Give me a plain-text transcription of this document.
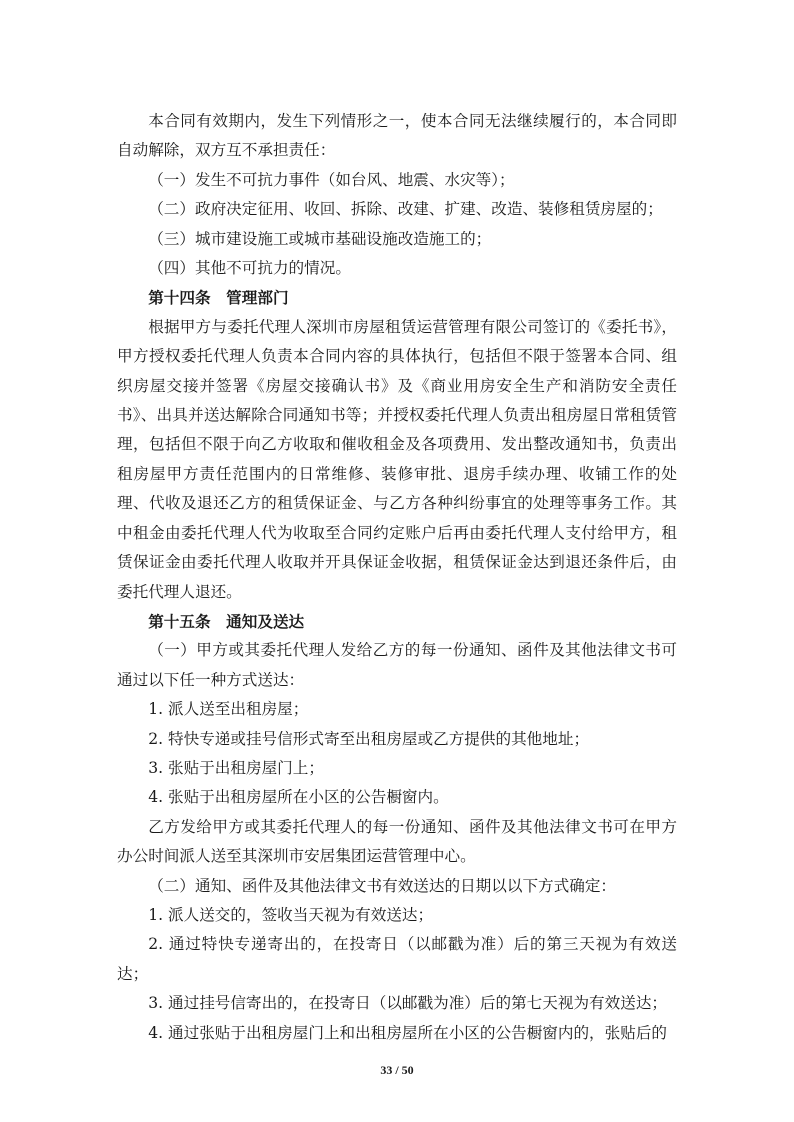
本合同有效期内，发生下列情形之一，使本合同无法继续履行的，本合同即自动解除，双方互不承担责任：

（一）发生不可抗力事件（如台风、地震、水灾等）；

（二）政府决定征用、收回、拆除、改建、扩建、改造、装修租赁房屋的；

（三）城市建设施工或城市基础设施改造施工的；

（四）其他不可抗力的情况。

第十四条　管理部门

根据甲方与委托代理人深圳市房屋租赁运营管理有限公司签订的《委托书》，甲方授权委托代理人负责本合同内容的具体执行，包括但不限于签署本合同、组织房屋交接并签署《房屋交接确认书》及《商业用房安全生产和消防安全责任书》、出具并送达解除合同通知书等；并授权委托代理人负责出租房屋日常租赁管理，包括但不限于向乙方收取和催收租金及各项费用、发出整改通知书，负责出租房屋甲方责任范围内的日常维修、装修审批、退房手续办理、收铺工作的处理、代收及退还乙方的租赁保证金、与乙方各种纠纷事宜的处理等事务工作。其中租金由委托代理人代为收取至合同约定账户后再由委托代理人支付给甲方，租赁保证金由委托代理人收取并开具保证金收据，租赁保证金达到退还条件后，由委托代理人退还。

第十五条　通知及送达

（一）甲方或其委托代理人发给乙方的每一份通知、函件及其他法律文书可通过以下任一种方式送达：

1. 派人送至出租房屋；

2. 特快专递或挂号信形式寄至出租房屋或乙方提供的其他地址；

3. 张贴于出租房屋门上；

4. 张贴于出租房屋所在小区的公告橱窗内。

乙方发给甲方或其委托代理人的每一份通知、函件及其他法律文书可在甲方办公时间派人送至其深圳市安居集团运营管理中心。

（二）通知、函件及其他法律文书有效送达的日期以以下方式确定：

1. 派人送交的，签收当天视为有效送达；

2. 通过特快专递寄出的，在投寄日（以邮戳为准）后的第三天视为有效送达；

3. 通过挂号信寄出的，在投寄日（以邮戳为准）后的第七天视为有效送达；

4. 通过张贴于出租房屋门上和出租房屋所在小区的公告橱窗内的，张贴后的

33 / 50
